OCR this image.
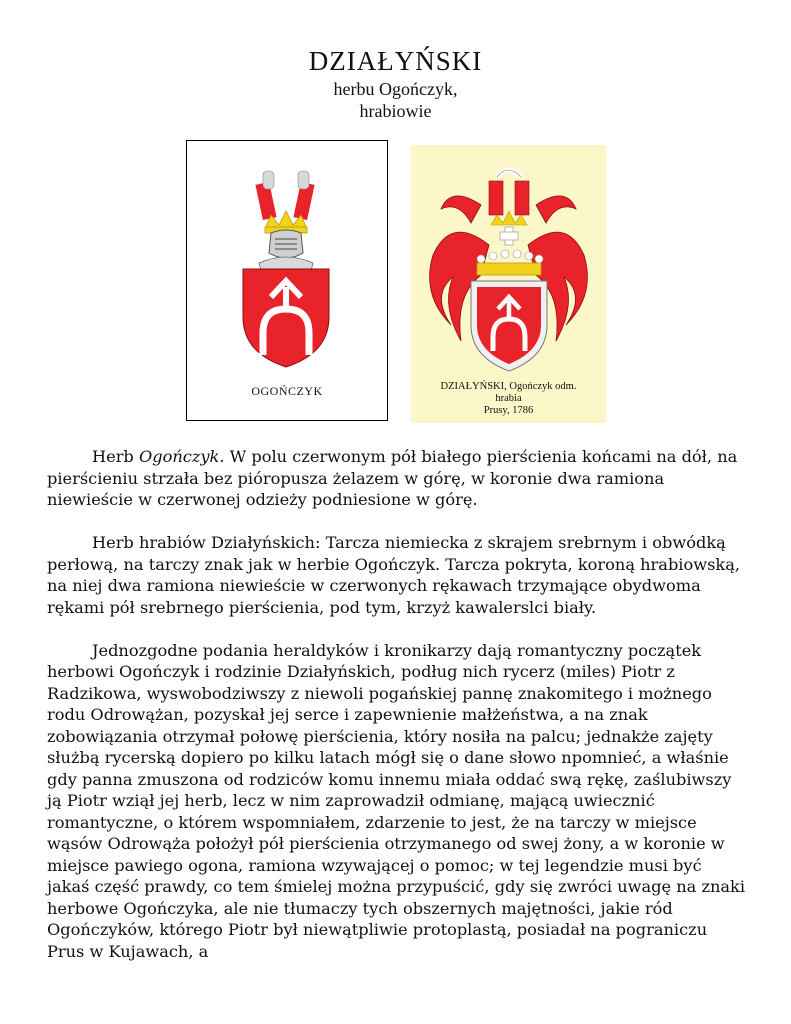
DZIAŁYŃSKI
herbu Ogończyk,
hrabiowie
OGOŃCZYK	DZIAŁYŃSKI, Ogończyk odm.
hrabia
Prusy, 1786

Herb Ogończyk. W polu czerwonym pół białego pierścienia końcami na dół, na pierścieniu strzała bez pióropusza żelazem w górę, w koronie dwa ramiona niewieście w czerwonej odzieży podniesione w górę.

Herb hrabiów Działyńskich: Tarcza niemiecka z skrajem srebrnym i obwódką perłową, na tarczy znak jak w herbie Ogończyk. Tarcza pokryta, koroną hrabiowską, na niej dwa ramiona niewieście w czerwonych rękawach trzymające obydwoma rękami pół srebrnego pierścienia, pod tym, krzyż kawalerslci biały.

Jednozgodne podania heraldyków i kronikarzy dają romantyczny początek herbowi Ogończyk i rodzinie Działyńskich, podług nich rycerz (miles) Piotr z Radzikowa, wyswobodziwszy z niewoli pogańskiej pannę znakomitego i możnego rodu Odrowążan, pozyskał jej serce i zapewnienie małżeństwa, a na znak zobowiązania otrzymał połowę pierścienia, który nosiła na palcu; jednakże zajęty służbą rycerską dopiero po kilku latach mógł się o dane słowo npomnieć, a właśnie gdy panna zmuszona od rodziców komu innemu miała oddać swą rękę, zaślubiwszy ją Piotr wziął jej herb, lecz w nim zaprowadził odmianę, mającą uwiecznić romantyczne, o którem wspomniałem, zdarzenie to jest, że na tarczy w miejsce wąsów Odrowąża położył pół pierścienia otrzymanego od swej żony, a w koronie w miejsce pawiego ogona, ramiona wzywającej o pomoc; w tej legendzie musi być jakaś część prawdy, co tem śmielej można przypuścić, gdy się zwróci uwagę na znaki herbowe Ogończyka, ale nie tłumaczy tych obszernych majętności, jakie ród Ogończyków, którego Piotr był niewątpliwie protoplastą, posiadał na pograniczu Prus w Kujawach, a
